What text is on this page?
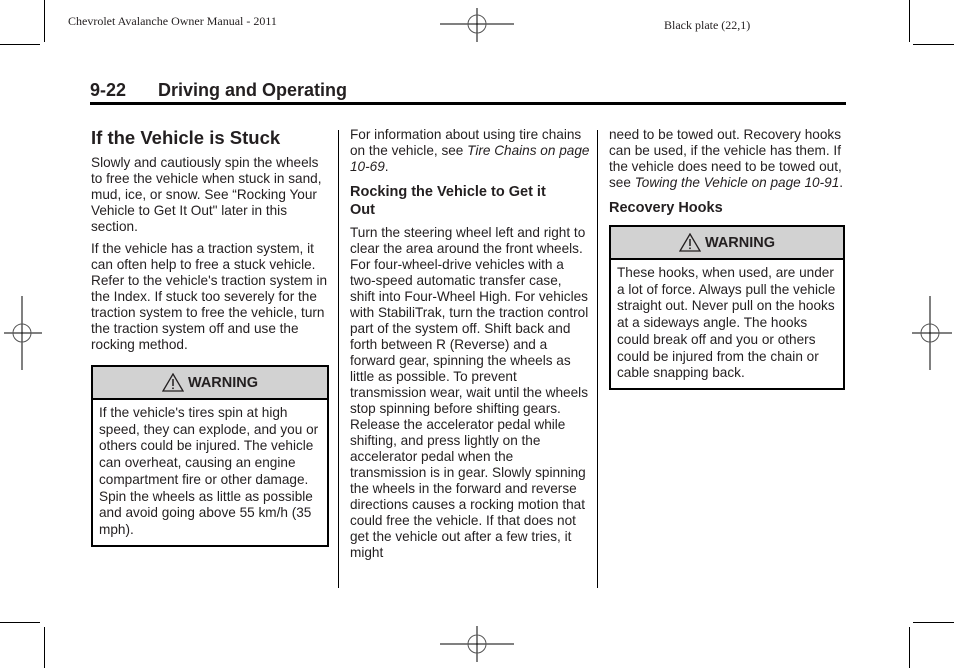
Chevrolet Avalanche Owner Manual - 2011	Black plate (22,1)
9-22 Driving and Operating
If the Vehicle is Stuck

Slowly and cautiously spin the wheels to free the vehicle when stuck in sand, mud, ice, or snow. See “Rocking Your Vehicle to Get It Out" later in this section.

If the vehicle has a traction system, it can often help to free a stuck vehicle. Refer to the vehicle's traction system in the Index. If stuck too severely for the traction system to free the vehicle, turn the traction system off and use the rocking method.

WARNING
If the vehicle's tires spin at high speed, they can explode, and you or others could be injured. The vehicle can overheat, causing an engine compartment fire or other damage. Spin the wheels as little as possible and avoid going above 55 km/h (35 mph).

For information about using tire chains on the vehicle, see Tire Chains on page 10-69.

Rocking the Vehicle to Get it Out

Turn the steering wheel left and right to clear the area around the front wheels. For four-wheel-drive vehicles with a two-speed automatic transfer case, shift into Four-Wheel High. For vehicles with StabiliTrak, turn the traction control part of the system off. Shift back and forth between R (Reverse) and a forward gear, spinning the wheels as little as possible. To prevent transmission wear, wait until the wheels stop spinning before shifting gears. Release the accelerator pedal while shifting, and press lightly on the accelerator pedal when the transmission is in gear. Slowly spinning the wheels in the forward and reverse directions causes a rocking motion that could free the vehicle. If that does not get the vehicle out after a few tries, it might

need to be towed out. Recovery hooks can be used, if the vehicle has them. If the vehicle does need to be towed out, see Towing the Vehicle on page 10-91.

Recovery Hooks
WARNING
These hooks, when used, are under a lot of force. Always pull the vehicle straight out. Never pull on the hooks at a sideways angle. The hooks could break off and you or others could be injured from the chain or cable snapping back.
